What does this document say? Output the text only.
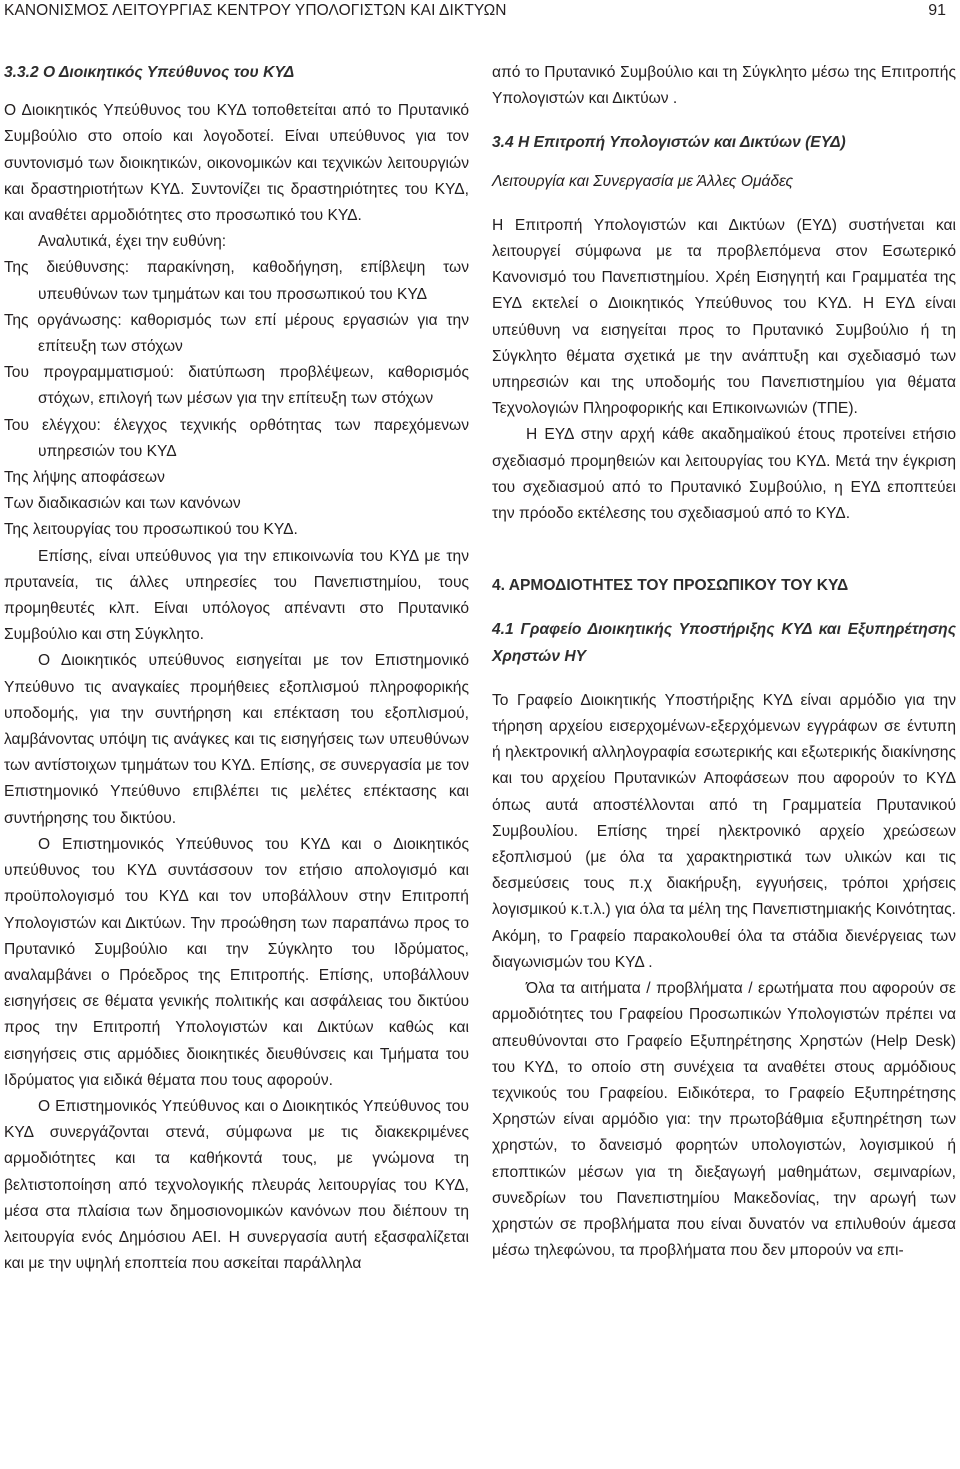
ΚΑΝΟΝΙΣΜΟΣ ΛΕΙΤΟΥΡΓΙΑΣ ΚΕΝΤΡΟΥ ΥΠΟΛΟΓΙΣΤΩΝ ΚΑΙ ΔΙΚΤΥΩΝ	91

3.3.2 Ο Διοικητικός Υπεύθυνος του ΚΥΔ

Ο Διοικητικός Υπεύθυνος του ΚΥΔ τοποθετείται από το Πρυτανικό Συμβούλιο στο οποίο και λογοδοτεί. Είναι υπεύθυνος για τον συντονισμό των διοικητικών, οικονομικών και τεχνικών λειτουργιών και δραστηριοτήτων ΚΥΔ. Συντονίζει τις δραστηριότητες του ΚΥΔ, και αναθέτει αρμοδιότητες στο προσωπικό του ΚΥΔ.

Αναλυτικά, έχει την ευθύνη:

Της διεύθυνσης: παρακίνηση, καθοδήγηση, επίβλεψη των υπευθύνων των τμημάτων και του προσωπικού του ΚΥΔ

Της οργάνωσης: καθορισμός των επί μέρους εργασιών για την επίτευξη των στόχων

Του προγραμματισμού: διατύπωση προβλέψεων, καθορισμός στόχων, επιλογή των μέσων για την επίτευξη των στόχων

Του ελέγχου: έλεγχος τεχνικής ορθότητας των παρεχόμενων υπηρεσιών του ΚΥΔ

Της λήψης αποφάσεων

Των διαδικασιών και των κανόνων

Της λειτουργίας του προσωπικού του ΚΥΔ.

Επίσης, είναι υπεύθυνος για την επικοινωνία του ΚΥΔ με την πρυτανεία, τις άλλες υπηρεσίες του Πανεπιστημίου, τους προμηθευτές κλπ. Είναι υπόλογος απέναντι στο Πρυτανικό Συμβούλιο και στη Σύγκλητο.

Ο Διοικητικός υπεύθυνος εισηγείται με τον Επιστημονικό Υπεύθυνο τις αναγκαίες προμήθειες εξοπλισμού πληροφορικής υποδομής, για την συντήρηση και επέκταση του εξοπλισμού, λαμβάνοντας υπόψη τις ανάγκες και τις εισηγήσεις των υπευθύνων των αντίστοιχων τμημάτων του ΚΥΔ. Επίσης, σε συνεργασία με τον Επιστημονικό Υπεύθυνο επιβλέπει τις μελέτες επέκτασης και συντήρησης του δικτύου.

Ο Επιστημονικός Υπεύθυνος του ΚΥΔ και ο Διοικητικός υπεύθυνος του ΚΥΔ συντάσσουν τον ετήσιο απολογισμό και προϋπολογισμό του ΚΥΔ και τον υποβάλλουν στην Επιτροπή Υπολογιστών και Δικτύων. Την προώθηση των παραπάνω προς το Πρυτανικό Συμβούλιο και την Σύγκλητο του Ιδρύματος, αναλαμβάνει ο Πρόεδρος της Επιτροπής. Επίσης, υποβάλλουν εισηγήσεις σε θέματα γενικής πολιτικής και ασφάλειας του δικτύου προς την Επιτροπή Υπολογιστών και Δικτύων καθώς και εισηγήσεις στις αρμόδιες διοικητικές διευθύνσεις και Τμήματα του Ιδρύματος για ειδικά θέματα που τους αφορούν.

Ο Επιστημονικός Υπεύθυνος και ο Διοικητικός Υπεύθυνος του ΚΥΔ συνεργάζονται στενά, σύμφωνα με τις διακεκριμένες αρμοδιότητες και τα καθήκοντά τους, με γνώμονα τη βελτιστοποίηση από τεχνολογικής πλευράς λειτουργίας του ΚΥΔ, μέσα στα πλαίσια των δημοσιονομικών κανόνων που διέπουν τη λειτουργία ενός Δημόσιου ΑΕΙ. Η συνεργασία αυτή εξασφαλίζεται και με την υψηλή εποπτεία που ασκείται παράλληλα

από το Πρυτανικό Συμβούλιο και τη Σύγκλητο μέσω της Επιτροπής Υπολογιστών και Δικτύων .

3.4 Η Επιτροπή Υπολογιστών και Δικτύων (ΕΥΔ)

Λειτουργία και Συνεργασία με Άλλες Ομάδες

Η Επιτροπή Υπολογιστών και Δικτύων (ΕΥΔ) συστήνεται και λειτουργεί σύμφωνα με τα προβλεπόμενα στον Εσωτερικό Κανονισμό του Πανεπιστημίου. Χρέη Εισηγητή και Γραμματέα της ΕΥΔ εκτελεί ο Διοικητικός Υπεύθυνος του ΚΥΔ. Η ΕΥΔ είναι υπεύθυνη να εισηγείται προς το Πρυτανικό Συμβούλιο ή τη Σύγκλητο θέματα σχετικά με την ανάπτυξη και σχεδιασμό των υπηρεσιών και της υποδομής του Πανεπιστημίου για θέματα Τεχνολογιών Πληροφορικής και Επικοινωνιών (ΤΠΕ).

Η ΕΥΔ στην αρχή κάθε ακαδημαϊκού έτους προτείνει ετήσιο σχεδιασμό προμηθειών και λειτουργίας του ΚΥΔ. Μετά την έγκριση του σχεδιασμού από το Πρυτανικό Συμβούλιο, η ΕΥΔ εποπτεύει την πρόοδο εκτέλεσης του σχεδιασμού από το ΚΥΔ.

4. ΑΡΜΟΔΙΟΤΗΤΕΣ ΤΟΥ ΠΡΟΣΩΠΙΚΟΥ ΤΟΥ ΚΥΔ

4.1 Γραφείο Διοικητικής Υποστήριξης ΚΥΔ και Εξυπηρέτησης Χρηστών ΗΥ

Το Γραφείο Διοικητικής Υποστήριξης ΚΥΔ είναι αρμόδιο για την τήρηση αρχείου εισερχομένων-εξερχόμενων εγγράφων σε έντυπη ή ηλεκτρονική αλληλογραφία εσωτερικής και εξωτερικής διακίνησης και του αρχείου Πρυτανικών Αποφάσεων που αφορούν το ΚΥΔ όπως αυτά αποστέλλονται από τη Γραμματεία Πρυτανικού Συμβουλίου. Επίσης τηρεί ηλεκτρονικό αρχείο χρεώσεων εξοπλισμού (με όλα τα χαρακτηριστικά των υλικών και τις δεσμεύσεις τους π.χ διακήρυξη, εγγυήσεις, τρόποι χρήσεις λογισμικού κ.τ.λ.) για όλα τα μέλη της Πανεπιστημιακής Κοινότητας. Ακόμη, το Γραφείο παρακολουθεί όλα τα στάδια διενέργειας των διαγωνισμών του ΚΥΔ .

Όλα τα αιτήματα / προβλήματα / ερωτήματα που αφορούν σε αρμοδιότητες του Γραφείου Προσωπικών Υπολογιστών πρέπει να απευθύνονται στο Γραφείο Εξυπηρέτησης Χρηστών (Help Desk) του ΚΥΔ, το οποίο στη συνέχεια τα αναθέτει στους αρμόδιους τεχνικούς του Γραφείου. Ειδικότερα, το Γραφείο Εξυπηρέτησης Χρηστών είναι αρμόδιο για: την πρωτοβάθμια εξυπηρέτηση των χρηστών, το δανεισμό φορητών υπολογιστών, λογισμικού ή εποπτικών μέσων για τη διεξαγωγή μαθημάτων, σεμιναρίων, συνεδρίων του Πανεπιστημίου Μακεδονίας, την αρωγή των χρηστών σε προβλήματα που είναι δυνατόν να επιλυθούν άμεσα μέσω τηλεφώνου, τα προβλήματα που δεν μπορούν να επι-
